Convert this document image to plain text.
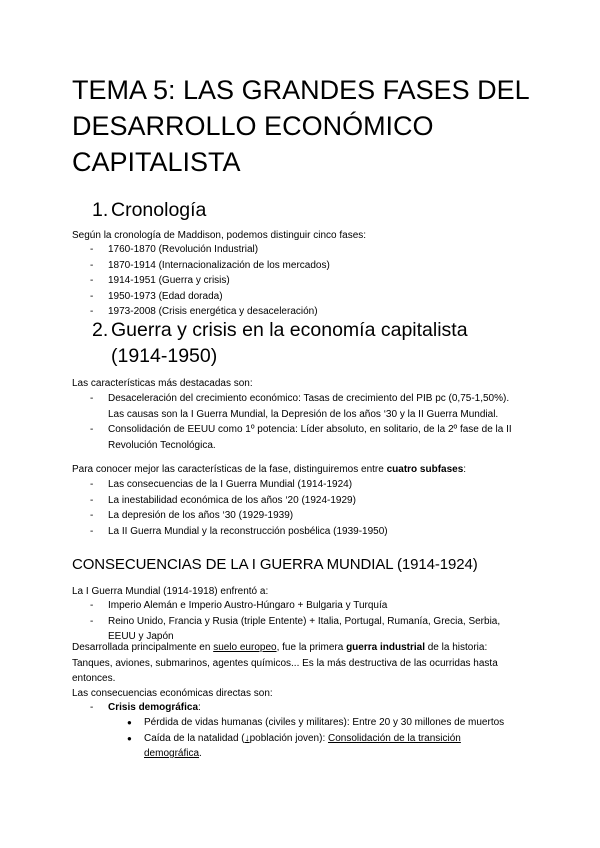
TEMA 5: LAS GRANDES FASES DEL DESARROLLO ECONÓMICO CAPITALISTA
1. Cronología
Según la cronología de Maddison, podemos distinguir cinco fases:
- 1760-1870 (Revolución Industrial)
- 1870-1914 (Internacionalización de los mercados)
- 1914-1951 (Guerra y crisis)
- 1950-1973 (Edad dorada)
- 1973-2008 (Crisis energética y desaceleración)
2. Guerra y crisis en la economía capitalista
(1914-1950)
Las características más destacadas son:
- Desaceleración del crecimiento económico: Tasas de crecimiento del PIB pc (0,75-1,50%). Las causas son la I Guerra Mundial, la Depresión de los años ‘30 y la II Guerra Mundial.
- Consolidación de EEUU como 1º potencia: Líder absoluto, en solitario, de la 2º fase de la II Revolución Tecnológica.
Para conocer mejor las características de la fase, distinguiremos entre cuatro subfases:
- Las consecuencias de la I Guerra Mundial (1914-1924)
- La inestabilidad económica de los años ‘20 (1924-1929)
- La depresión de los años ‘30 (1929-1939)
- La II Guerra Mundial y la reconstrucción posbélica (1939-1950)
CONSECUENCIAS DE LA I GUERRA MUNDIAL (1914-1924)
La I Guerra Mundial (1914-1918) enfrentó a:
- Imperio Alemán e Imperio Austro-Húngaro + Bulgaria y Turquía
- Reino Unido, Francia y Rusia (triple Entente) + Italia, Portugal, Rumanía, Grecia, Serbia, EEUU y Japón
Desarrollada principalmente en suelo europeo, fue la primera guerra industrial de la historia: Tanques, aviones, submarinos, agentes químicos... Es la más destructiva de las ocurridas hasta entonces.
Las consecuencias económicas directas son:
- Crisis demográfica:
● Pérdida de vidas humanas (civiles y militares): Entre 20 y 30 millones de muertos
● Caída de la natalidad (↓población joven): Consolidación de la transición demográfica.
